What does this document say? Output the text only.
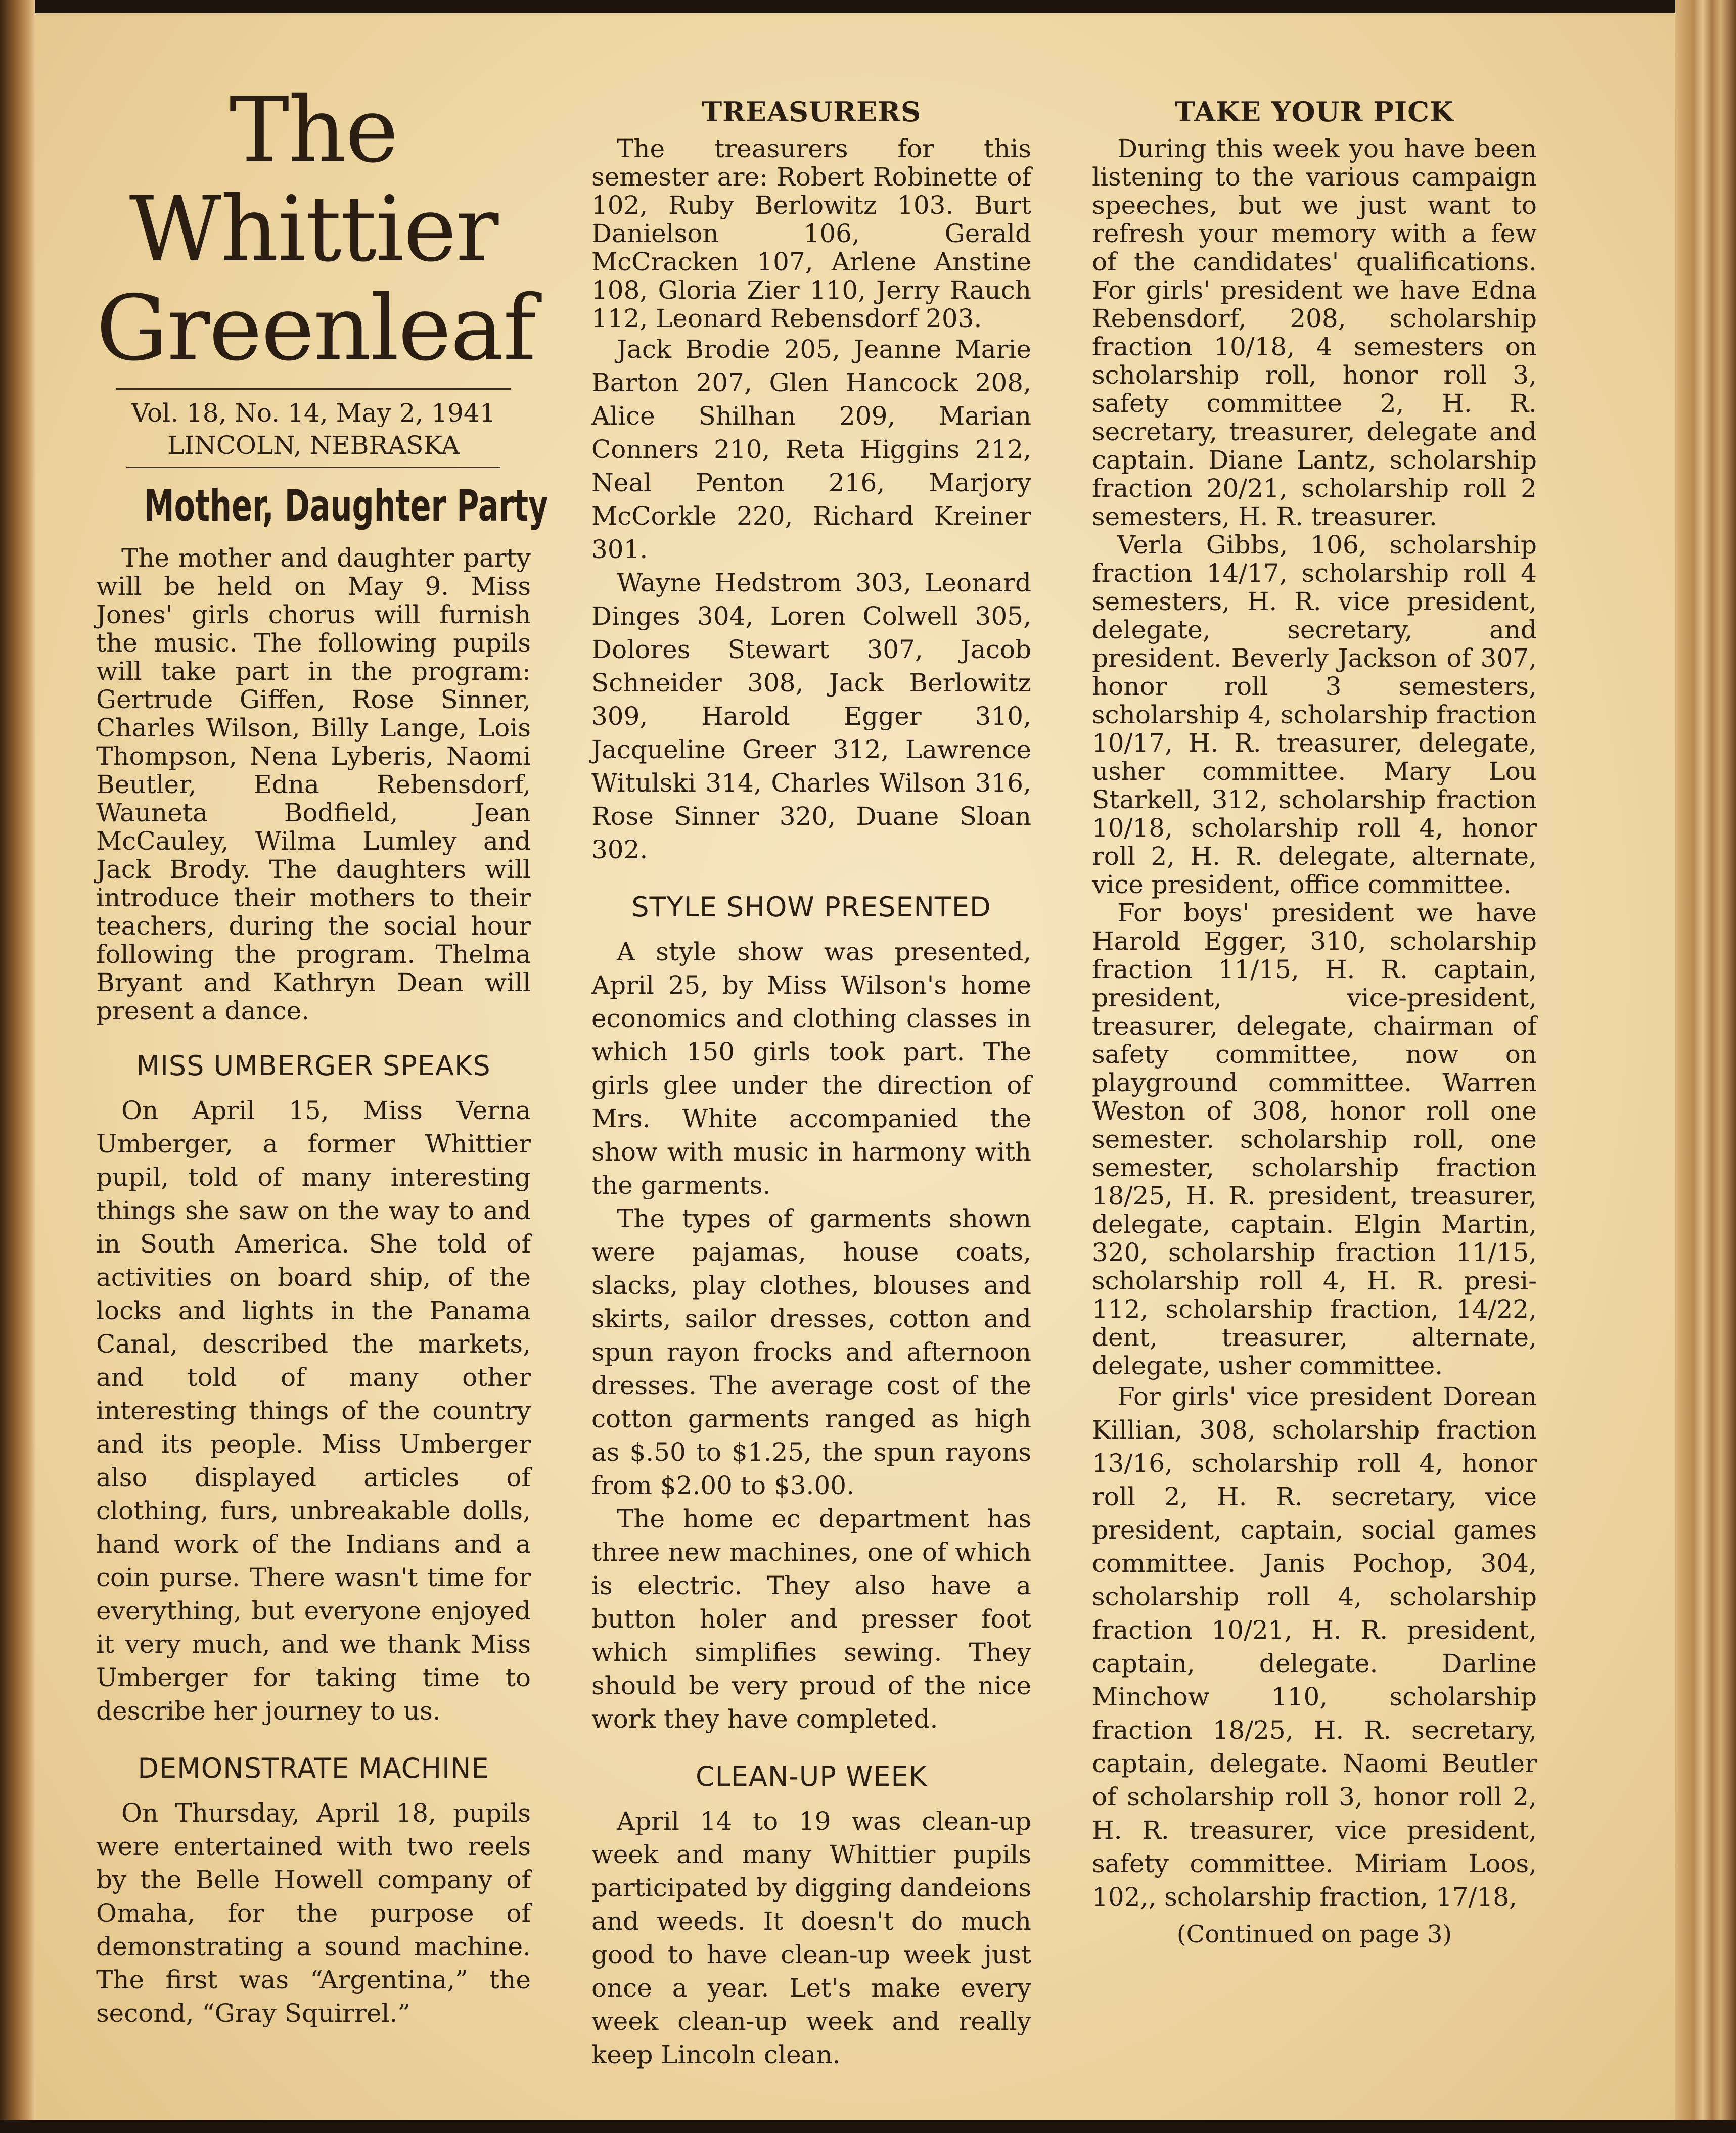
The
Whittier
Greenleaf
Vol. 18, No. 14, May 2, 1941
LINCOLN, NEBRASKA
Mother, Daughter Party

The mother and daughter party will be held on May 9. Miss Jones' girls chorus will furnish the music. The following pupils will take part in the program: Gertrude Giffen, Rose Sinner, Charles Wilson, Billy Lange, Lois Thompson, Nena Lyberis, Naomi Beutler, Edna Rebensdorf, Wauneta Bodfield, Jean McCauley, Wilma Lumley and Jack Brody. The daughters will introduce their mothers to their teachers, during the social hour following the program. Thelma Bryant and Kathryn Dean will present a dance.

MISS UMBERGER SPEAKS

On April 15, Miss Verna Umberger, a former Whittier pupil, told of many interesting things she saw on the way to and in South America. She told of activities on board ship, of the locks and lights in the Panama Canal, described the markets, and told of many other interesting things of the country and its people. Miss Umberger also displayed articles of clothing, furs, unbreakable dolls, hand work of the Indians and a coin purse. There wasn't time for everything, but everyone enjoyed it very much, and we thank Miss Umberger for taking time to describe her journey to us.

DEMONSTRATE MACHINE

On Thursday, April 18, pupils were entertained with two reels by the Belle Howell company of Omaha, for the purpose of demonstrating a sound machine. The first was “Argentina,” the second, “Gray Squirrel.”

TREASURERS

The treasurers for this semester are: Robert Robinette of 102, Ruby Berlowitz 103. Burt Danielson 106, Gerald McCracken 107, Arlene Anstine 108, Gloria Zier 110, Jerry Rauch 112, Leonard Rebensdorf 203.

Jack Brodie 205, Jeanne Marie Barton 207, Glen Hancock 208, Alice Shilhan 209, Marian Conners 210, Reta Higgins 212, Neal Penton 216, Marjory McCorkle 220, Richard Kreiner 301.

Wayne Hedstrom 303, Leonard Dinges 304, Loren Colwell 305, Dolores Stewart 307, Jacob Schneider 308, Jack Berlowitz 309, Harold Egger 310, Jacqueline Greer 312, Lawrence Witulski 314, Charles Wilson 316, Rose Sinner 320, Duane Sloan 302.

STYLE SHOW PRESENTED

A style show was presented, April 25, by Miss Wilson's home economics and clothing classes in which 150 girls took part. The girls glee under the direction of Mrs. White accompanied the show with music in harmony with the garments.

The types of garments shown were pajamas, house coats, slacks, play clothes, blouses and skirts, sailor dresses, cotton and spun rayon frocks and afternoon dresses. The average cost of the cotton garments ranged as high as $.50 to $1.25, the spun rayons from $2.00 to $3.00.

The home ec department has three new machines, one of which is electric. They also have a button holer and presser foot which simplifies sewing. They should be very proud of the nice work they have completed.

CLEAN-UP WEEK

April 14 to 19 was clean-up week and many Whittier pupils participated by digging dandeions and weeds. It doesn't do much good to have clean-up week just once a year. Let's make every week clean-up week and really keep Lincoln clean.

TAKE YOUR PICK

During this week you have been listening to the various campaign speeches, but we just want to refresh your memory with a few of the candidates' qualifications. For girls' president we have Edna Rebensdorf, 208, scholarship fraction 10/18, 4 semesters on scholarship roll, honor roll 3, safety committee 2, H. R. secretary, treasurer, delegate and captain. Diane Lantz, scholarship fraction 20/21, scholarship roll 2 semesters, H. R. treasurer.

Verla Gibbs, 106, scholarship fraction 14/17, scholarship roll 4 semesters, H. R. vice president, delegate, secretary, and president. Beverly Jackson of 307, honor roll 3 semesters, scholarship 4, scholarship fraction 10/17, H. R. treasurer, delegate, usher committee. Mary Lou Starkell, 312, scholarship fraction 10/18, scholarship roll 4, honor roll 2, H. R. delegate, alternate, vice president, office committee.

For boys' president we have Harold Egger, 310, scholarship fraction 11/15, H. R. captain, president, vice-president, treasurer, delegate, chairman of safety committee, now on playground committee. Warren Weston of 308, honor roll one semester. scholarship roll, one semester, scholarship fraction 18/25, H. R. president, treasurer, delegate, captain. Elgin Martin, 320, scholarship fraction 11/15, scholarship roll 4, H. R. presi- 112, scholarship fraction, 14/22, dent, treasurer, alternate, delegate, usher committee.

For girls' vice president Dorean Killian, 308, scholarship fraction 13/16, scholarship roll 4, honor roll 2, H. R. secretary, vice president, captain, social games committee. Janis Pochop, 304, scholarship roll 4, scholarship fraction 10/21, H. R. president, captain, delegate. Darline Minchow 110, scholarship fraction 18/25, H. R. secretary, captain, delegate. Naomi Beutler of scholarship roll 3, honor roll 2, H. R. treasurer, vice president, safety committee. Miriam Loos, 102,, scholarship fraction, 17/18,

(Continued on page 3)
